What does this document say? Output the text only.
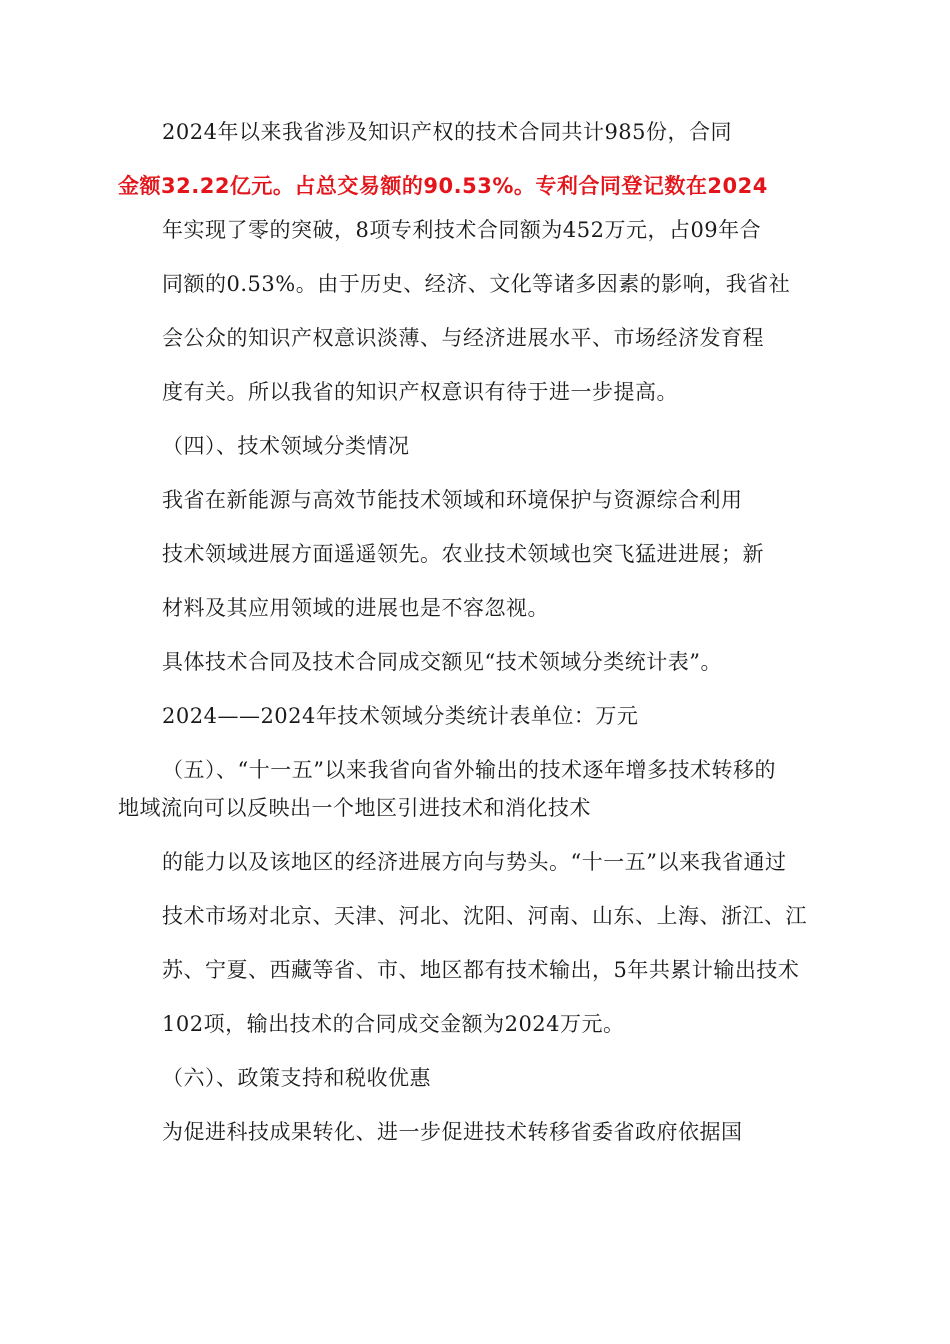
2024年以来我省涉及知识产权的技术合同共计985份，合同
金额32.22亿元。占总交易额的90.53%。专利合同登记数在2024
年实现了零的突破，8项专利技术合同额为452万元，占09年合
同额的0.53%。由于历史、经济、文化等诸多因素的影响，我省社
会公众的知识产权意识淡薄、与经济进展水平、市场经济发育程
度有关。所以我省的知识产权意识有待于进一步提高。
（四）、技术领域分类情况
我省在新能源与高效节能技术领域和环境保护与资源综合利用
技术领域进展方面遥遥领先。农业技术领域也突飞猛进进展；新
材料及其应用领域的进展也是不容忽视。
具体技术合同及技术合同成交额见“技术领域分类统计表”。
2024——2024年技术领域分类统计表单位：万元
（五）、“十一五”以来我省向省外输出的技术逐年增多技术转移的
地域流向可以反映出一个地区引进技术和消化技术
的能力以及该地区的经济进展方向与势头。“十一五”以来我省通过
技术市场对北京、天津、河北、沈阳、河南、山东、上海、浙江、江
苏、宁夏、西藏等省、市、地区都有技术输出，5年共累计输出技术
102项，输出技术的合同成交金额为2024万元。
（六）、政策支持和税收优惠
为促进科技成果转化、进一步促进技术转移省委省政府依据国
